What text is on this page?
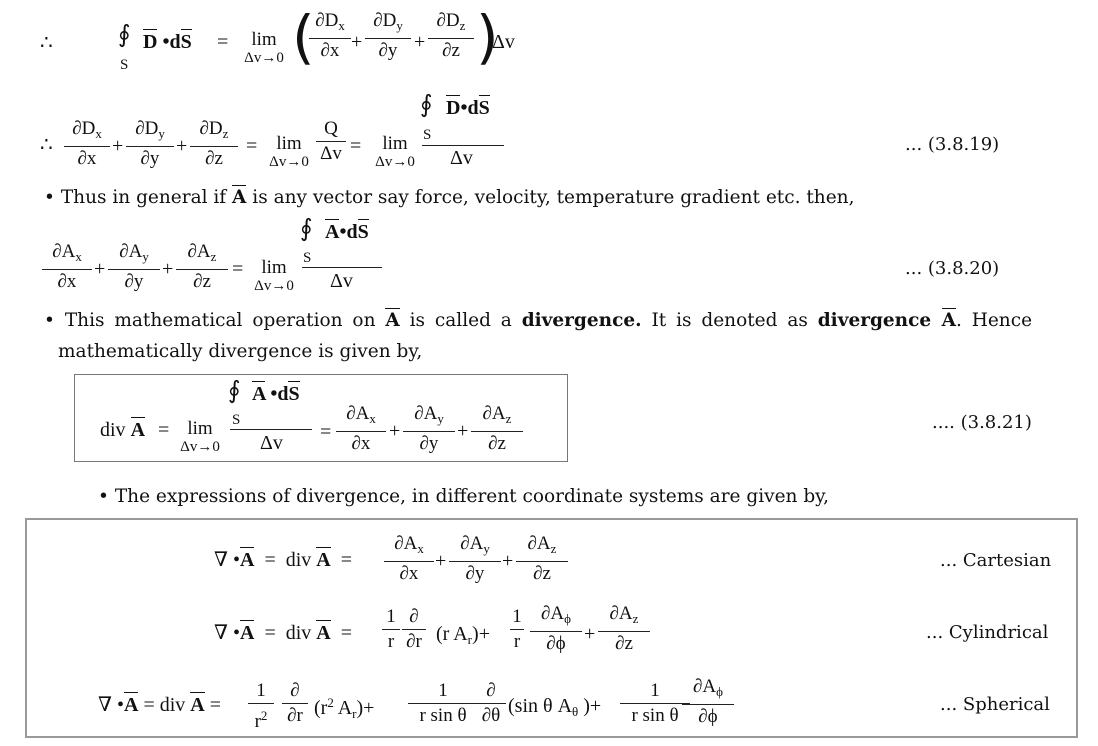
∴	∮
S
D •dS =	lim
Δv→0 ( $\partial D_x$
∂x +
$\partial D_y$
∂y +
$\partial D_z$
∂z )
Δv
∴
$\partial D_x$
∂x
+
$\partial D_y$
∂y
+
$\partial D_z$
∂z
=	lim
Δv→0
Q
Δv =	lim
Δv→0
∮ D•dS
S
Δv
... (3.8.19)
• Thus in general if A is any vector say force, velocity, temperature gradient etc. then,
$\partial A_x$
∂x
+
$\partial A_y$
∂y
+
$\partial A_z$
∂z
= lim
Δv→0
∮ A•dS
S
Δv
... (3.8.20)
• This mathematical operation on A is called a divergence. It is denoted as divergence A. Hence
mathematically divergence is given by,
div A = lim
Δv→0
∮ A •dS
S
Δv =
$\partial A_x$
∂x
+
$\partial A_y$
∂y
+
$\partial A_z$
∂z
.... (3.8.21)
• The expressions of divergence, in different coordinate systems are given by,
∇ •A = div A =
$\partial A_x$
∂x
+
$\partial A_y$
∂y
+
$\partial A_z$
∂z
... Cartesian
∇ •A = div A =
1
r
∂
∂r (r $A_r)+$
1
r
$\partial A_\phi$
∂ϕ +
$\partial A_z$
∂z
... Cylindrical
∇ •A = div A =
1
$r^2$
∂
∂r ($r^2$ $A_r)+$
1
r sin θ
∂
∂θ (sin θ $A_\theta$ )+
1
r sin θ
$\partial A_\phi$
∂ϕ
... Spherical
